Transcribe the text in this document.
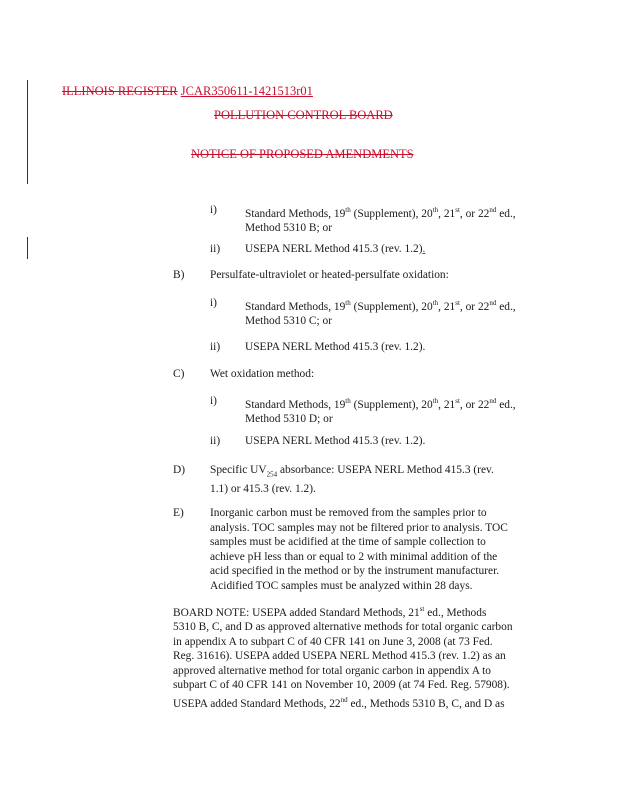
ILLINOIS REGISTER JCAR350611-1421513r01
POLLUTION CONTROL BOARD
NOTICE OF PROPOSED AMENDMENTS
i) Standard Methods, 19th (Supplement), 20th, 21st, or 22nd ed.,
Method 5310 B; or
ii) USEPA NERL Method 415.3 (rev. 1.2).
B) Persulfate-ultraviolet or heated-persulfate oxidation:
i) Standard Methods, 19th (Supplement), 20th, 21st, or 22nd ed.,
Method 5310 C; or
ii) USEPA NERL Method 415.3 (rev. 1.2).
C) Wet oxidation method:
i) Standard Methods, 19th (Supplement), 20th, 21st, or 22nd ed.,
Method 5310 D; or
ii) USEPA NERL Method 415.3 (rev. 1.2).
D) Specific $UV_{254}$ absorbance: USEPA NERL Method 415.3 (rev.
1.1) or 415.3 (rev. 1.2).
E) Inorganic carbon must be removed from the samples prior to
analysis. TOC samples may not be filtered prior to analysis. TOC
samples must be acidified at the time of sample collection to
achieve pH less than or equal to 2 with minimal addition of the
acid specified in the method or by the instrument manufacturer.
Acidified TOC samples must be analyzed within 28 days.
BOARD NOTE: USEPA added Standard Methods, 21st ed., Methods
5310 B, C, and D as approved alternative methods for total organic carbon
in appendix A to subpart C of 40 CFR 141 on June 3, 2008 (at 73 Fed.
Reg. 31616). USEPA added USEPA NERL Method 415.3 (rev. 1.2) as an
approved alternative method for total organic carbon in appendix A to
subpart C of 40 CFR 141 on November 10, 2009 (at 74 Fed. Reg. 57908).
USEPA added Standard Methods, 22nd ed., Methods 5310 B, C, and D as
